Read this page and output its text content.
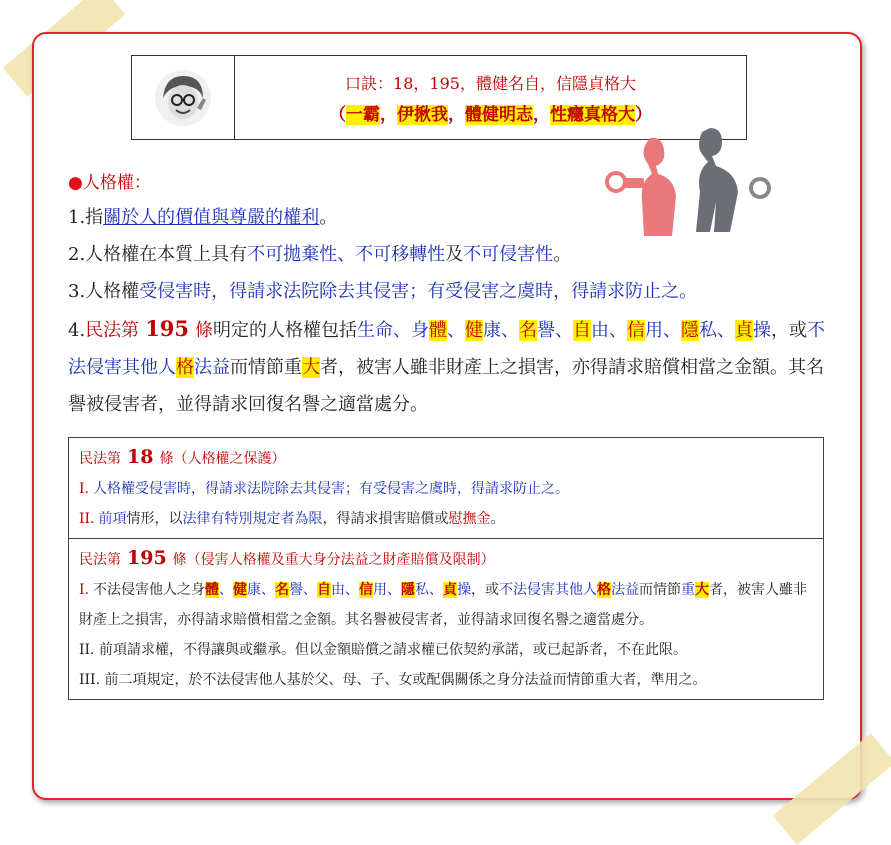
口訣：18，195，體健名自，信隱貞格大
（一霸，伊揪我，體健明志，性癮真格大）
●人格權：
1.指關於人的價值與尊嚴的權利。
2.人格權在本質上具有不可拋棄性、不可移轉性及不可侵害性。
3.人格權受侵害時，得請求法院除去其侵害；有受侵害之虞時，得請求防止之。
4.民法第 195 條明定的人格權包括生命、身體、健康、名譽、自由、信用、隱私、貞操，或不法侵害其他人格法益而情節重大者，被害人雖非財產上之損害，亦得請求賠償相當之金額。其名譽被侵害者，並得請求回復名譽之適當處分。
民法第 18 條（人格權之保護）
I. 人格權受侵害時，得請求法院除去其侵害；有受侵害之虞時，得請求防止之。
II. 前項情形，以法律有特別規定者為限，得請求損害賠償或慰撫金。
民法第 195 條（侵害人格權及重大身分法益之財產賠償及限制）
I. 不法侵害他人之身體、健康、名譽、自由、信用、隱私、貞操，或不法侵害其他人格法益而情節重大者，被害人雖非財產上之損害，亦得請求賠償相當之金額。其名譽被侵害者，並得請求回復名譽之適當處分。
II. 前項請求權，不得讓與或繼承。但以金額賠償之請求權已依契約承諾，或已起訴者，不在此限。
III. 前二項規定，於不法侵害他人基於父、母、子、女或配偶關係之身分法益而情節重大者，準用之。
